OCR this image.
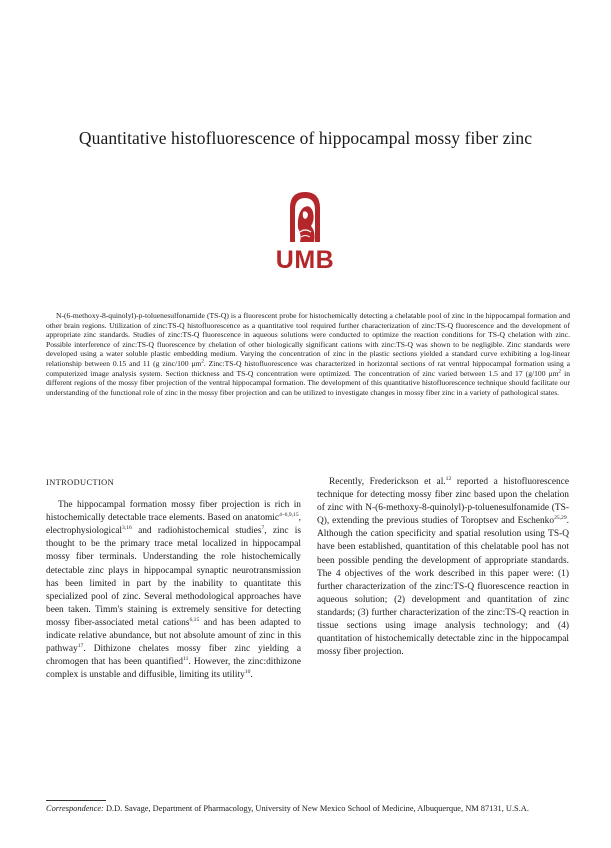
Quantitative histofluorescence of hippocampal mossy fiber zinc
UMB

N-(6-methoxy-8-quinolyl)-p-toluenesulfonamide (TS-Q) is a fluorescent probe for histochemically detecting a chelatable pool of zinc in the hippocampal formation and other brain regions. Utilization of zinc:TS-Q histofluorescence as a quantitative tool required further characterization of zinc:TS-Q fluorescence and the development of appropriate zinc standards. Studies of zinc:TS-Q fluorescence in aqueous solutions were conducted to optimize the reaction conditions for TS-Q chelation with zinc. Possible interference of zinc:TS-Q fluorescence by chelation of other biologically significant cations with zinc:TS-Q was shown to be negligible. Zinc standards were developed using a water soluble plastic embedding medium. Varying the concentration of zinc in the plastic sections yielded a standard curve exhibiting a log-linear relationship between 0.15 and 11 (g zinc/100 $\mu m^2$. Zinc:TS-Q histofluorescence was characterized in horizontal sections of rat ventral hippocampal formation using a computerized image analysis system. Section thickness and TS-Q concentration were optimized. The concentration of zinc varied between 1.5 and 17 (g/100 $\mu m^2$ in different regions of the mossy fiber projection of the ventral hippocampal formation. The development of this quantitative histofluorescence technique should facilitate our understanding of the functional role of zinc in the mossy fiber projection and can be utilized to investigate changes in mossy fiber zinc in a variety of pathological states.

INTRODUCTION

The hippocampal formation mossy fiber projection is rich in histochemically detectable trace elements. Based on anatomic$^{4-6,9,15}$, electrophysiological$^{3,16}$ and radiohistochemical studies$^7$, zinc is thought to be the primary trace metal localized in hippocampal mossy fiber terminals. Understanding the role histochemically detectable zinc plays in hippocampal synaptic neurotransmission has been limited in part by the inability to quantitate this specialized pool of zinc. Several methodological approaches have been taken. Timm's staining is extremely sensitive for detecting mossy fiber-associated metal cations$^{6,15}$ and has been adapted to indicate relative abundance, but not absolute amount of zinc in this pathway$^{17}$. Dithizone chelates mossy fiber zinc yielding a chromogen that has been quantified$^{11}$. However, the zinc:dithizone complex is unstable and diffusible, limiting its utility$^{10}$.

Recently, Frederickson et al.$^{12}$ reported a histofluorescence technique for detecting mossy fiber zinc based upon the chelation of zinc with N-(6-methoxy-8-quinolyl)-p-toluenesulfonamide (TS-Q), extending the previous studies of Toroptsev and Eschenko$^{25,29}$. Although the cation specificity and spatial resolution using TS-Q have been established, quantitation of this chelatable pool has not been possible pending the development of appropriate standards. The 4 objectives of the work described in this paper were: (1) further characterization of the zinc:TS-Q fluorescence reaction in aqueous solution; (2) development and quantitation of zinc standards; (3) further characterization of the zinc:TS-Q reaction in tissue sections using image analysis technology; and (4) quantitation of histochemically detectable zinc in the hippocampal mossy fiber projection.

Correspondence: D.D. Savage, Department of Pharmacology, University of New Mexico School of Medicine, Albuquerque, NM 87131, U.S.A.
